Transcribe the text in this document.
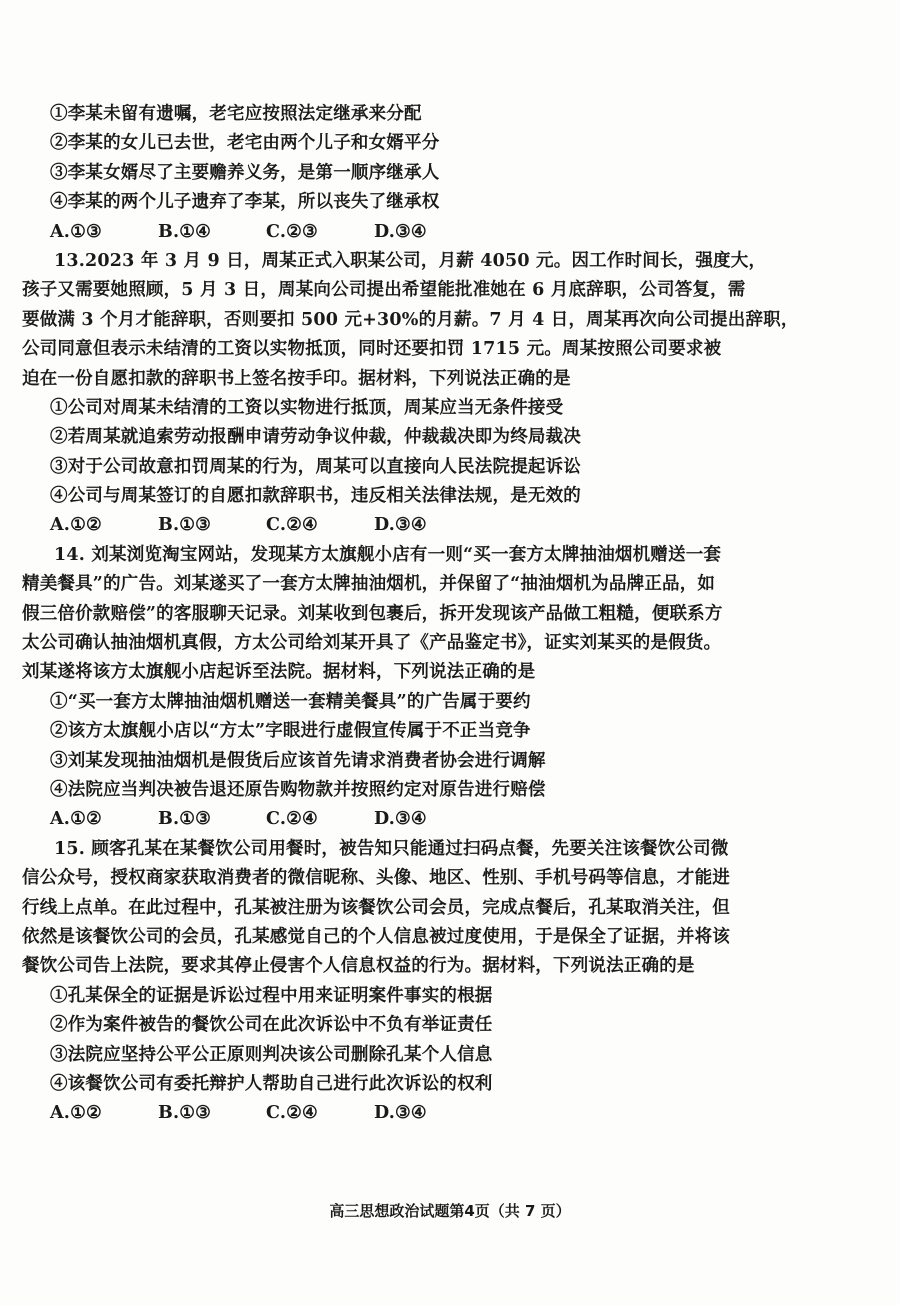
①李某未留有遗嘱，老宅应按照法定继承来分配
②李某的女儿已去世，老宅由两个儿子和女婿平分
③李某女婿尽了主要赡养义务，是第一顺序继承人
④李某的两个儿子遗弃了李某，所以丧失了继承权
A.①③	B.①④	C.②③	D.③④
13.2023 年 3 月 9 日，周某正式入职某公司，月薪 4050 元。因工作时间长，强度大，
孩子又需要她照顾，5 月 3 日，周某向公司提出希望能批准她在 6 月底辞职，公司答复，需
要做满 3 个月才能辞职，否则要扣 500 元+30%的月薪。7 月 4 日，周某再次向公司提出辞职，
公司同意但表示未结清的工资以实物抵顶，同时还要扣罚 1715 元。周某按照公司要求被
迫在一份自愿扣款的辞职书上签名按手印。据材料，下列说法正确的是
①公司对周某未结清的工资以实物进行抵顶，周某应当无条件接受
②若周某就追索劳动报酬申请劳动争议仲裁，仲裁裁决即为终局裁决
③对于公司故意扣罚周某的行为，周某可以直接向人民法院提起诉讼
④公司与周某签订的自愿扣款辞职书，违反相关法律法规，是无效的
A.①②	B.①③	C.②④	D.③④
14. 刘某浏览淘宝网站，发现某方太旗舰小店有一则“买一套方太牌抽油烟机赠送一套
精美餐具”的广告。刘某遂买了一套方太牌抽油烟机，并保留了“抽油烟机为品牌正品，如
假三倍价款赔偿”的客服聊天记录。刘某收到包裹后，拆开发现该产品做工粗糙，便联系方
太公司确认抽油烟机真假，方太公司给刘某开具了《产品鉴定书》，证实刘某买的是假货。
刘某遂将该方太旗舰小店起诉至法院。据材料，下列说法正确的是
①“买一套方太牌抽油烟机赠送一套精美餐具”的广告属于要约
②该方太旗舰小店以“方太”字眼进行虚假宣传属于不正当竞争
③刘某发现抽油烟机是假货后应该首先请求消费者协会进行调解
④法院应当判决被告退还原告购物款并按照约定对原告进行赔偿
A.①②	B.①③	C.②④	D.③④
15. 顾客孔某在某餐饮公司用餐时，被告知只能通过扫码点餐，先要关注该餐饮公司微
信公众号，授权商家获取消费者的微信昵称、头像、地区、性别、手机号码等信息，才能进
行线上点单。在此过程中，孔某被注册为该餐饮公司会员，完成点餐后，孔某取消关注，但
依然是该餐饮公司的会员，孔某感觉自己的个人信息被过度使用，于是保全了证据，并将该
餐饮公司告上法院，要求其停止侵害个人信息权益的行为。据材料，下列说法正确的是
①孔某保全的证据是诉讼过程中用来证明案件事实的根据
②作为案件被告的餐饮公司在此次诉讼中不负有举证责任
③法院应坚持公平公正原则判决该公司删除孔某个人信息
④该餐饮公司有委托辩护人帮助自己进行此次诉讼的权利
A.①②	B.①③	C.②④	D.③④
高三思想政治试题第4页（共 7 页）
